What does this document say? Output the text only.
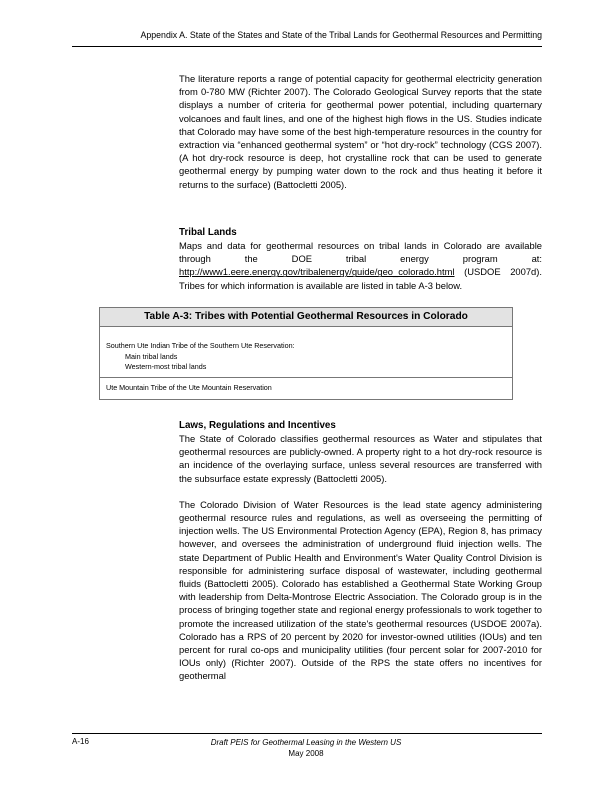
Appendix A. State of the States and State of the Tribal Lands for Geothermal Resources and Permitting

The literature reports a range of potential capacity for geothermal electricity generation from 0-780 MW (Richter 2007). The Colorado Geological Survey reports that the state displays a number of criteria for geothermal power potential, including quarternary volcanoes and fault lines, and one of the highest high flows in the US. Studies indicate that Colorado may have some of the best high-temperature resources in the country for extraction via “enhanced geothermal system” or “hot dry-rock” technology (CGS 2007). (A hot dry-rock resource is deep, hot crystalline rock that can be used to generate geothermal energy by pumping water down to the rock and thus heating it before it returns to the surface) (Battocletti 2005).

Tribal Lands

Maps and data for geothermal resources on tribal lands in Colorado are available through the DOE tribal energy program at: http://www1.eere.energy.gov/tribalenergy/guide/geo_colorado.html (USDOE 2007d). Tribes for which information is available are listed in table A-3 below.

Table A-3: Tribes with Potential Geothermal Resources in Colorado
Southern Ute Indian Tribe of the Southern Ute Reservation:
Main tribal lands
Western-most tribal lands
Ute Mountain Tribe of the Ute Mountain Reservation
Laws, Regulations and Incentives

The State of Colorado classifies geothermal resources as Water and stipulates that geothermal resources are publicly-owned. A property right to a hot dry-rock resource is an incidence of the overlaying surface, unless several resources are transferred with the subsurface estate expressly (Battocletti 2005).

The Colorado Division of Water Resources is the lead state agency administering geothermal resource rules and regulations, as well as overseeing the permitting of injection wells. The US Environmental Protection Agency (EPA), Region 8, has primacy however, and oversees the administration of underground fluid injection wells. The state Department of Public Health and Environment's Water Quality Control Division is responsible for administering surface disposal of wastewater, including geothermal fluids (Battocletti 2005). Colorado has established a Geothermal State Working Group with leadership from Delta-Montrose Electric Association. The Colorado group is in the process of bringing together state and regional energy professionals to work together to promote the increased utilization of the state's geothermal resources (USDOE 2007a). Colorado has a RPS of 20 percent by 2020 for investor-owned utilities (IOUs) and ten percent for rural co-ops and municipality utilities (four percent solar for 2007-2010 for IOUs only) (Richter 2007). Outside of the RPS the state offers no incentives for geothermal

A-16	Draft PEIS for Geothermal Leasing in the Western US
May 2008
